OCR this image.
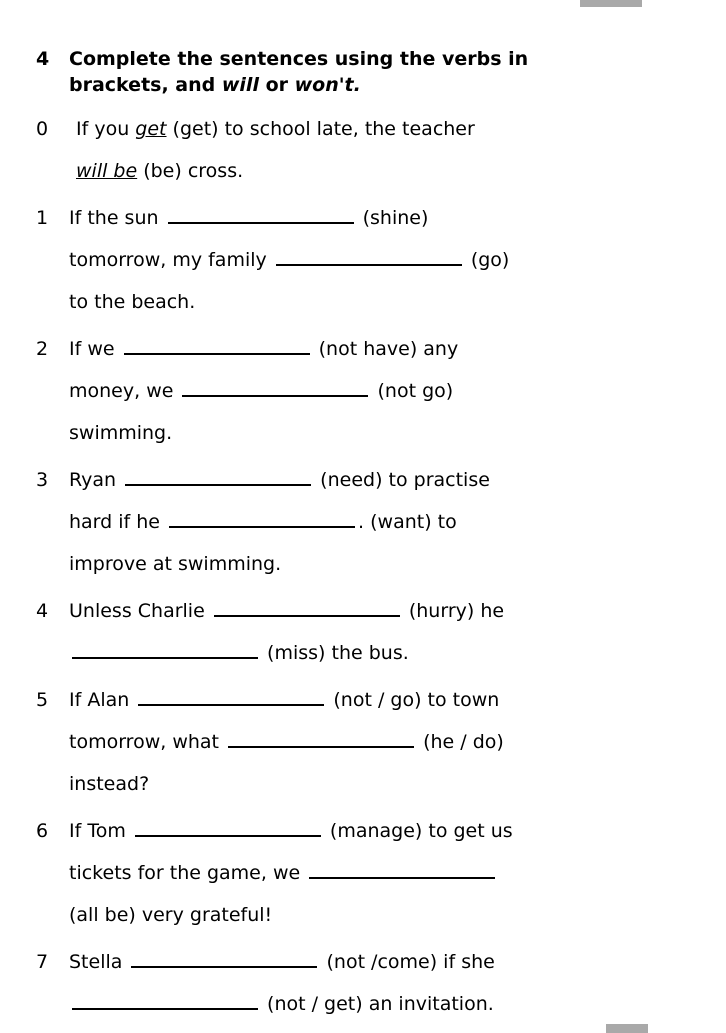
4	Complete the sentences using the verbs in brackets, and will or won't.
0	If you get (get) to school late, the teacher
will be (be) cross.
1	If the sun	(shine)
tomorrow, my family	(go)
to the beach.
2	If we	(not have) any
money, we	(not go)
swimming.
3	Ryan	(need) to practise
hard if he	. (want) to
improve at swimming.
4	Unless Charlie	(hurry) he
(miss) the bus.
5	If Alan	(not / go) to town
tomorrow, what	(he / do)
instead?
6	If Tom	(manage) to get us
tickets for the game, we
(all be) very grateful!
7	Stella	(not /come) if she
(not / get) an invitation.
